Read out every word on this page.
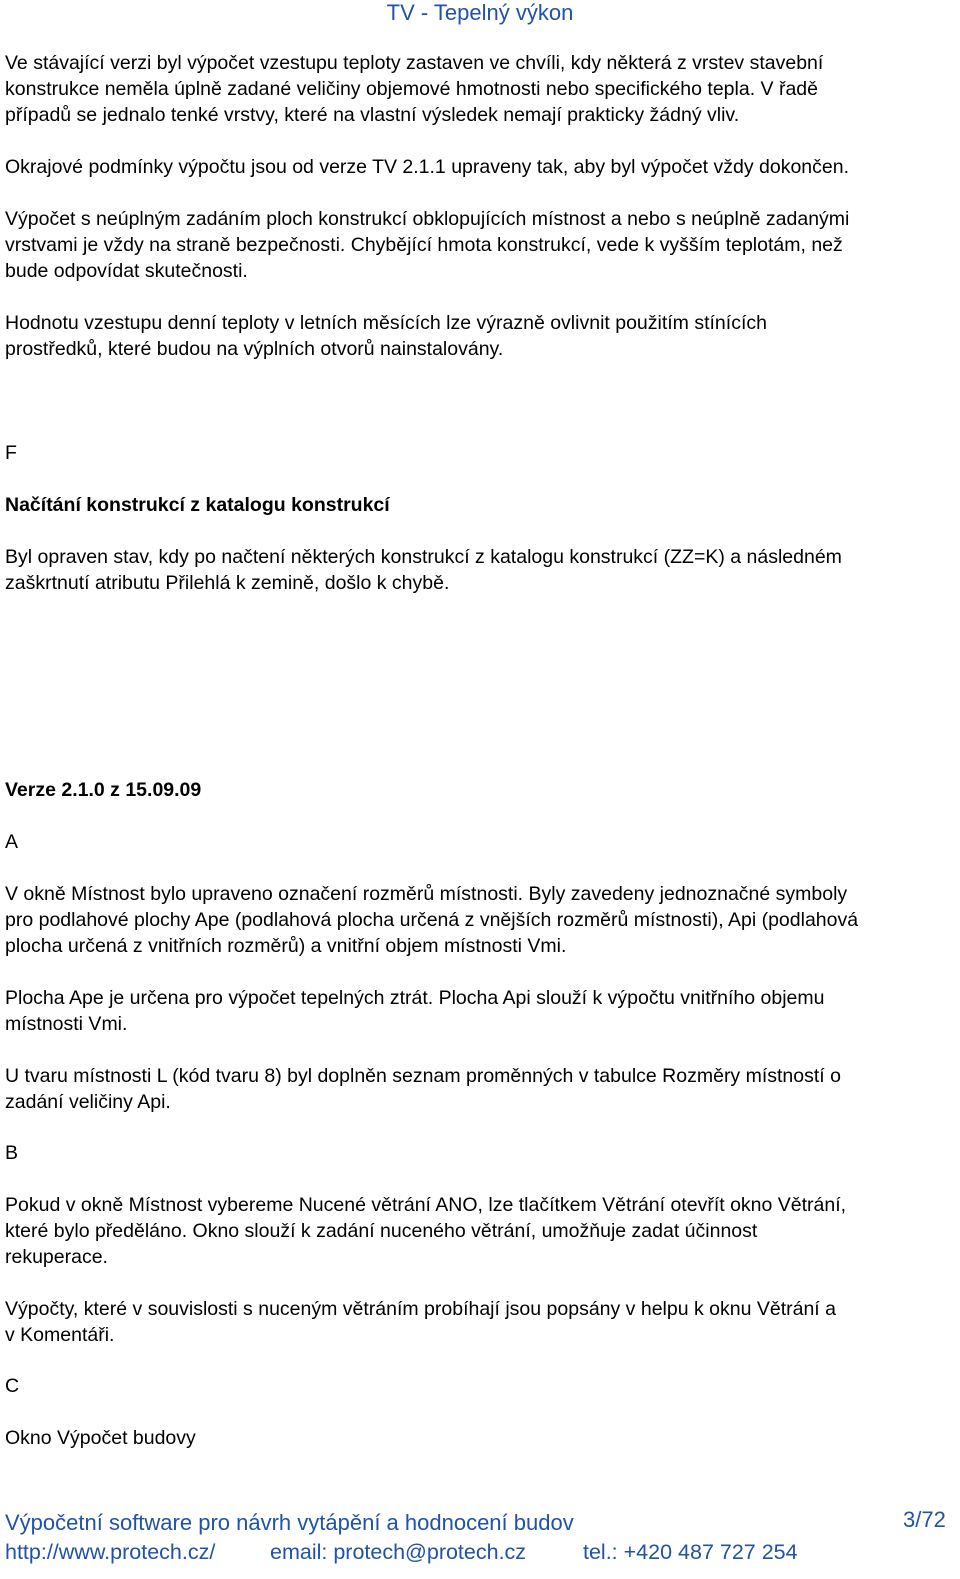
TV - Tepelný výkon
Ve stávající verzi byl výpočet vzestupu teploty zastaven ve chvíli, kdy některá z vrstev stavební
konstrukce neměla úplně zadané veličiny objemové hmotnosti nebo specifického tepla. V řadě
případů se jednalo tenké vrstvy, které na vlastní výsledek nemají prakticky žádný vliv.
Okrajové podmínky výpočtu jsou od verze TV 2.1.1 upraveny tak, aby byl výpočet vždy dokončen.
Výpočet s neúplným zadáním ploch konstrukcí obklopujících místnost a nebo s neúplně zadanými
vrstvami je vždy na straně bezpečnosti. Chybějící hmota konstrukcí, vede k vyšším teplotám, než
bude odpovídat skutečnosti.
Hodnotu vzestupu denní teploty v letních měsících lze výrazně ovlivnit použitím stínících
prostředků, které budou na výplních otvorů nainstalovány.
F
Načítání konstrukcí z katalogu konstrukcí
Byl opraven stav, kdy po načtení některých konstrukcí z katalogu konstrukcí (ZZ=K) a následném
zaškrtnutí atributu Přilehlá k zemině, došlo k chybě.
Verze 2.1.0 z 15.09.09
A
V okně Místnost bylo upraveno označení rozměrů místnosti. Byly zavedeny jednoznačné symboly
pro podlahové plochy Ape (podlahová plocha určená z vnějších rozměrů místnosti), Api (podlahová
plocha určená z vnitřních rozměrů) a vnitřní objem místnosti Vmi.
Plocha Ape je určena pro výpočet tepelných ztrát. Plocha Api slouží k výpočtu vnitřního objemu
místnosti Vmi.
U tvaru místnosti L (kód tvaru 8) byl doplněn seznam proměnných v tabulce Rozměry místností o
zadání veličiny Api.
B
Pokud v okně Místnost vybereme Nucené větrání ANO, lze tlačítkem Větrání otevřít okno Větrání,
které bylo předěláno. Okno slouží k zadání nuceného větrání, umožňuje zadat účinnost
rekuperace.
Výpočty, které v souvislosti s nuceným větráním probíhají jsou popsány v helpu k oknu Větrání a
v Komentáři.
C
Okno Výpočet budovy
Výpočetní software pro návrh vytápění a hodnocení budov	3/72
http://www.protech.cz/	email: protech@protech.cz	tel.: +420 487 727 254
